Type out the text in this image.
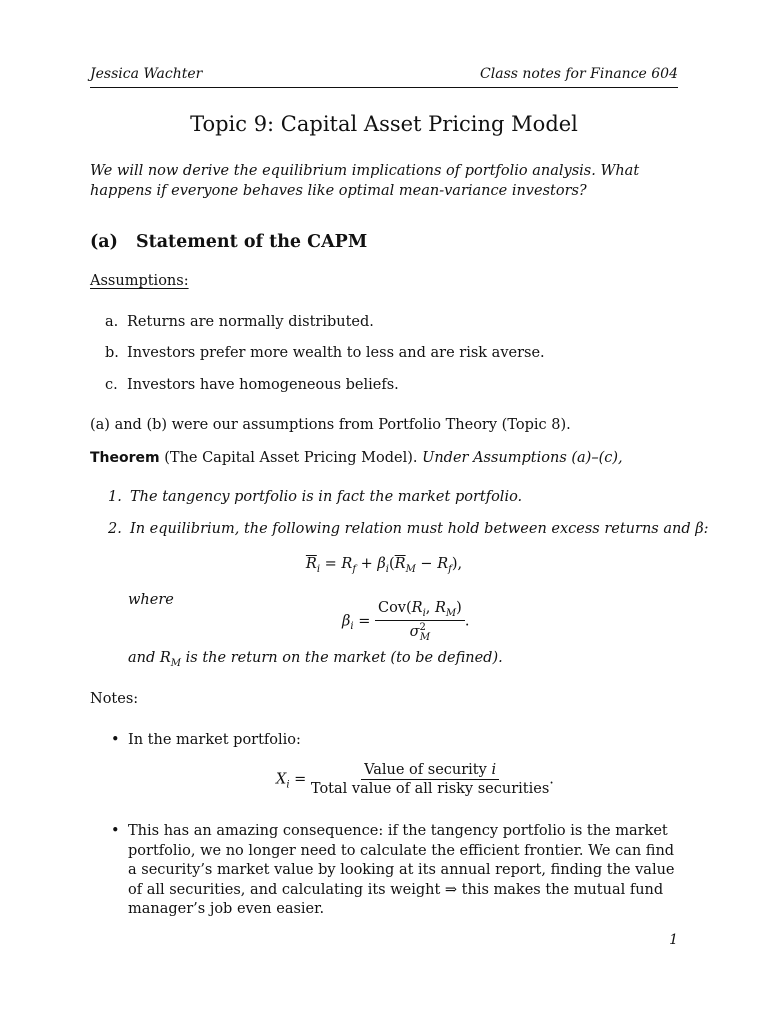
Jessica Wachter	Class notes for Finance 604
Topic 9: Capital Asset Pricing Model
We will now derive the equilibrium implications of portfolio analysis. What happens if everyone behaves like optimal mean-variance investors?
(a) Statement of the CAPM
Assumptions:
a. Returns are normally distributed.
b. Investors prefer more wealth to less and are risk averse.
c. Investors have homogeneous beliefs.
(a) and (b) were our assumptions from Portfolio Theory (Topic 8).
Theorem (The Capital Asset Pricing Model). Under Assumptions (a)–(c),
1. The tangency portfolio is in fact the market portfolio.
2. In equilibrium, the following relation must hold between excess returns and β:
$\overline{R}_i = R_f + \beta_i(\overline{R}_M - R_f)$,
where
$\beta_i = \frac{Cov(R_i, R_M)}{\sigma^2_M}$ .
and $R_M$ is the return on the market (to be defined).
Notes:
• In the market portfolio:
$X_i = \frac{\text{Value of security i}}{\text{Total value of all risky securities}}$ .
• This has an amazing consequence: if the tangency portfolio is the market portfolio, we no longer need to calculate the efficient frontier. We can find a security’s market value by looking at its annual report, finding the value of all securities, and calculating its weight ⇒ this makes the mutual fund manager’s job even easier.
1
